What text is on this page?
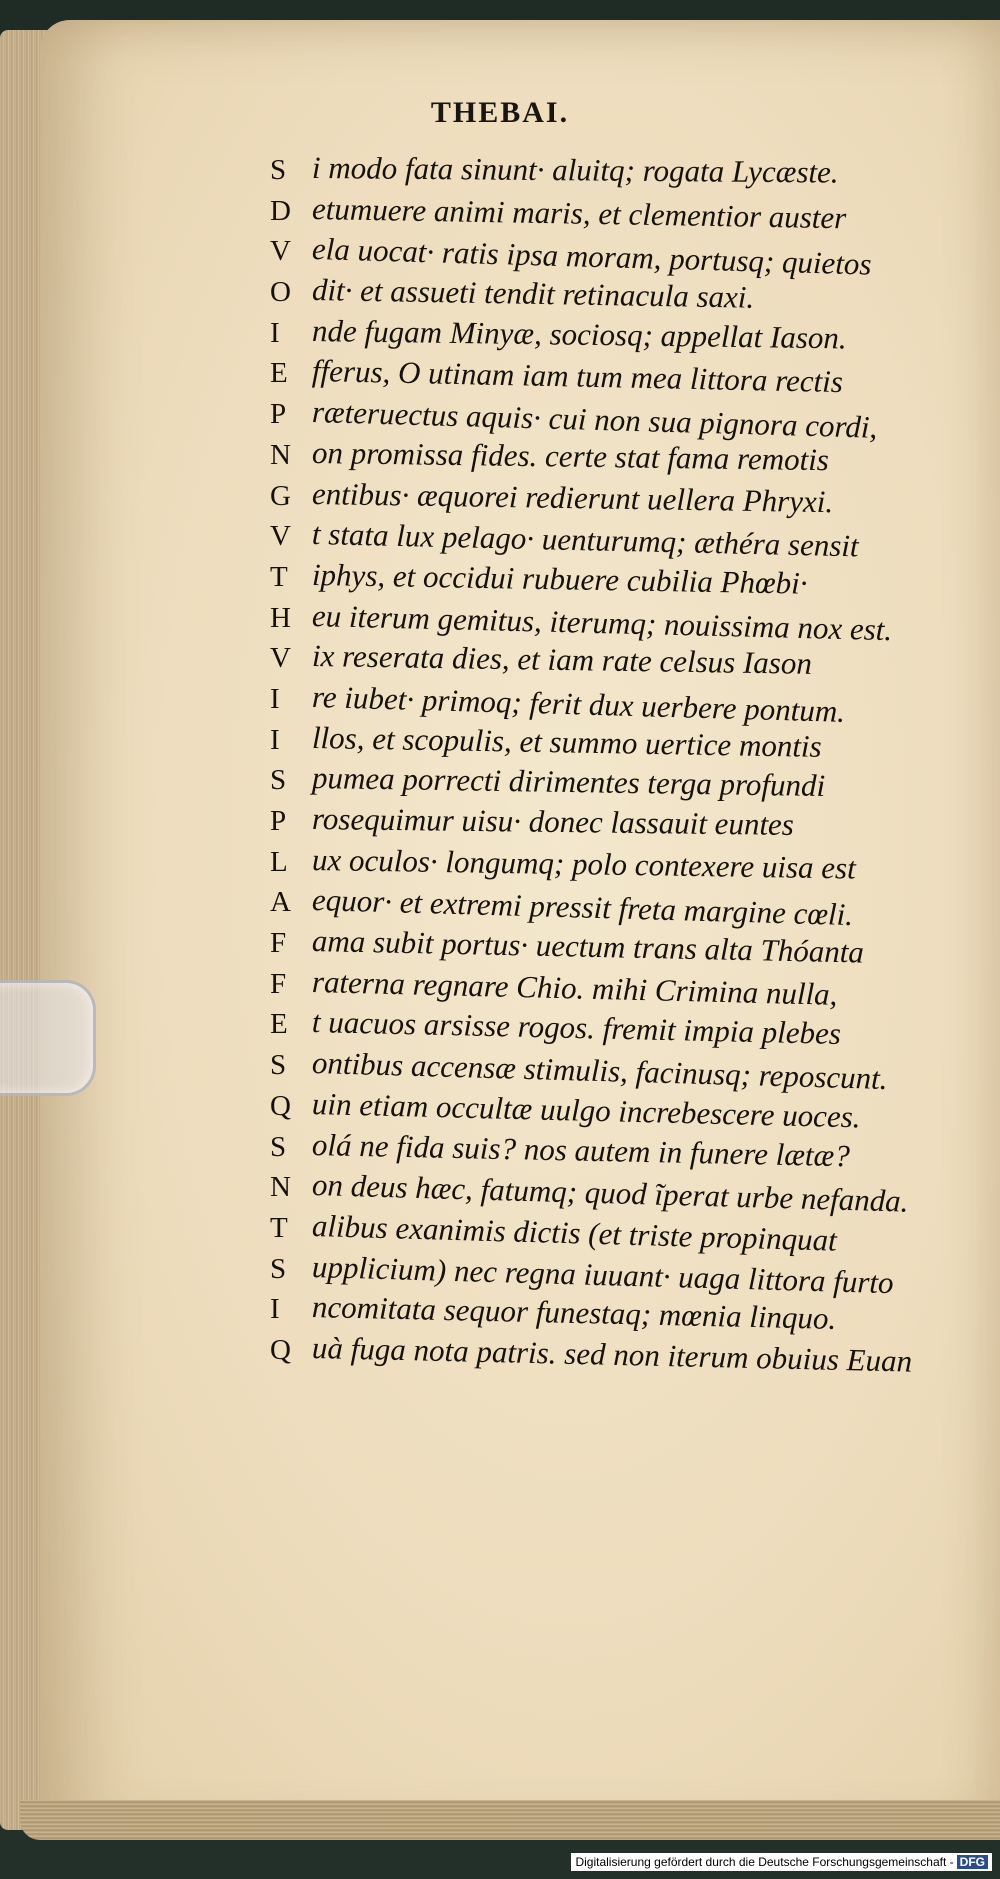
THEBAI.
S i modo fata sinunt· aluitq; rogata Lycæste.
D etumuere animi maris, et clementior auster
V ela uocat· ratis ipsa moram, portusq; quietos
O dit· et assueti tendit retinacula saxi.
I	nde fugam Minyæ, sociosq; appellat Iason.
E fferus, O utinam iam tum mea littora rectis
P ræteruectus aquis· cui non sua pignora cordi,
N on promissa fides. certe stat fama remotis
G entibus· æquorei redierunt uellera Phryxi.
V t stata lux pelago· uenturumq; æthéra sensit
T iphys, et occidui rubuere cubilia Phœbi·
H eu iterum gemitus, iterumq; nouissima nox est.
V ix reserata dies, et iam rate celsus Iason
I	re iubet· primoq; ferit dux uerbere pontum.
I	llos, et scopulis, et summo uertice montis
S pumea porrecti dirimentes terga profundi
P rosequimur uisu· donec lassauit euntes
L ux oculos· longumq; polo contexere uisa est
A equor· et extremi pressit freta margine cœli.
F ama subit portus· uectum trans alta Thóanta
F raterna regnare Chio. mihi Crimina nulla,
E t uacuos arsisse rogos. fremit impia plebes
S ontibus accensæ stimulis, facinusq; reposcunt.
Q uin etiam occultæ uulgo increbescere uoces.
S olá ne fida suis? nos autem in funere lætæ?
N on deus hæc, fatumq; quod ĩperat urbe nefanda.
T alibus exanimis dictis (et triste propinquat
S upplicium) nec regna iuuant· uaga littora furto
I	ncomitata sequor funestaq; mœnia linquo.
Q uà fuga nota patris. sed non iterum obuius Euan
Digitalisierung gefördert durch die Deutsche Forschungsgemeinschaft - DFG
